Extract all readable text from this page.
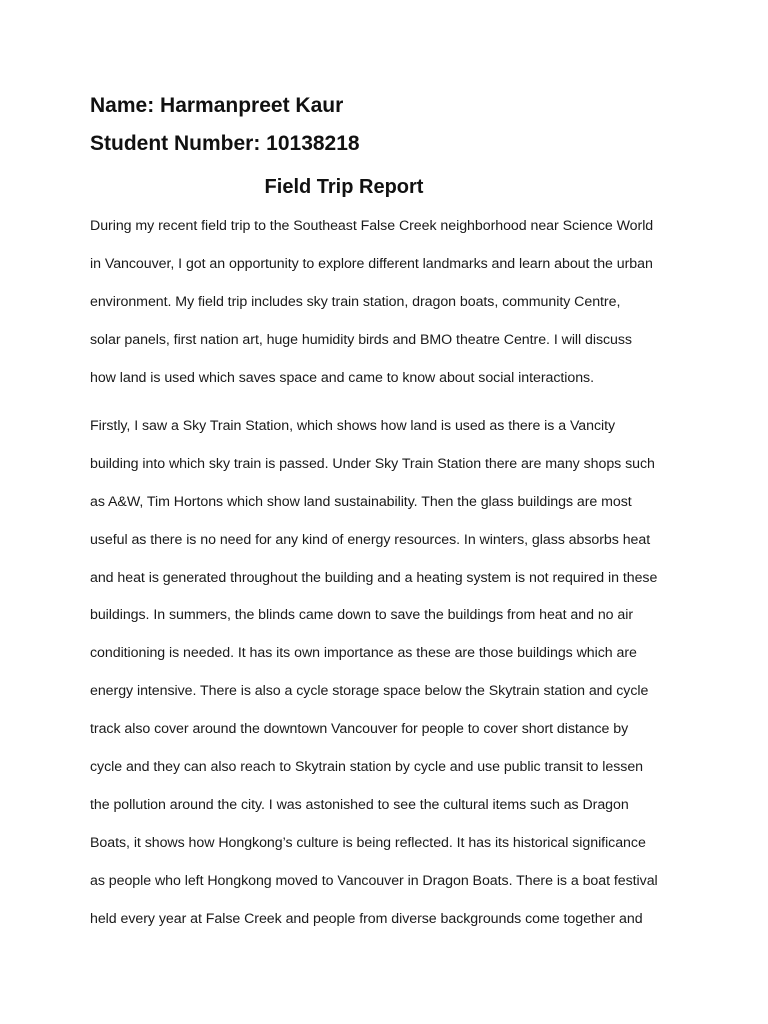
Name: Harmanpreet Kaur
Student Number: 10138218
Field Trip Report

During my recent field trip to the Southeast False Creek neighborhood near Science World

in Vancouver, I got an opportunity to explore different landmarks and learn about the urban

environment. My field trip includes sky train station, dragon boats, community Centre,

solar panels, first nation art, huge humidity birds and BMO theatre Centre. I will discuss

how land is used which saves space and came to know about social interactions.

Firstly, I saw a Sky Train Station, which shows how land is used as there is a Vancity

building into which sky train is passed. Under Sky Train Station there are many shops such

as A&W, Tim Hortons which show land sustainability. Then the glass buildings are most

useful as there is no need for any kind of energy resources. In winters, glass absorbs heat

and heat is generated throughout the building and a heating system is not required in these

buildings. In summers, the blinds came down to save the buildings from heat and no air

conditioning is needed. It has its own importance as these are those buildings which are

energy intensive. There is also a cycle storage space below the Skytrain station and cycle

track also cover around the downtown Vancouver for people to cover short distance by

cycle and they can also reach to Skytrain station by cycle and use public transit to lessen

the pollution around the city. I was astonished to see the cultural items such as Dragon

Boats, it shows how Hongkong’s culture is being reflected. It has its historical significance

as people who left Hongkong moved to Vancouver in Dragon Boats. There is a boat festival

held every year at False Creek and people from diverse backgrounds come together and
